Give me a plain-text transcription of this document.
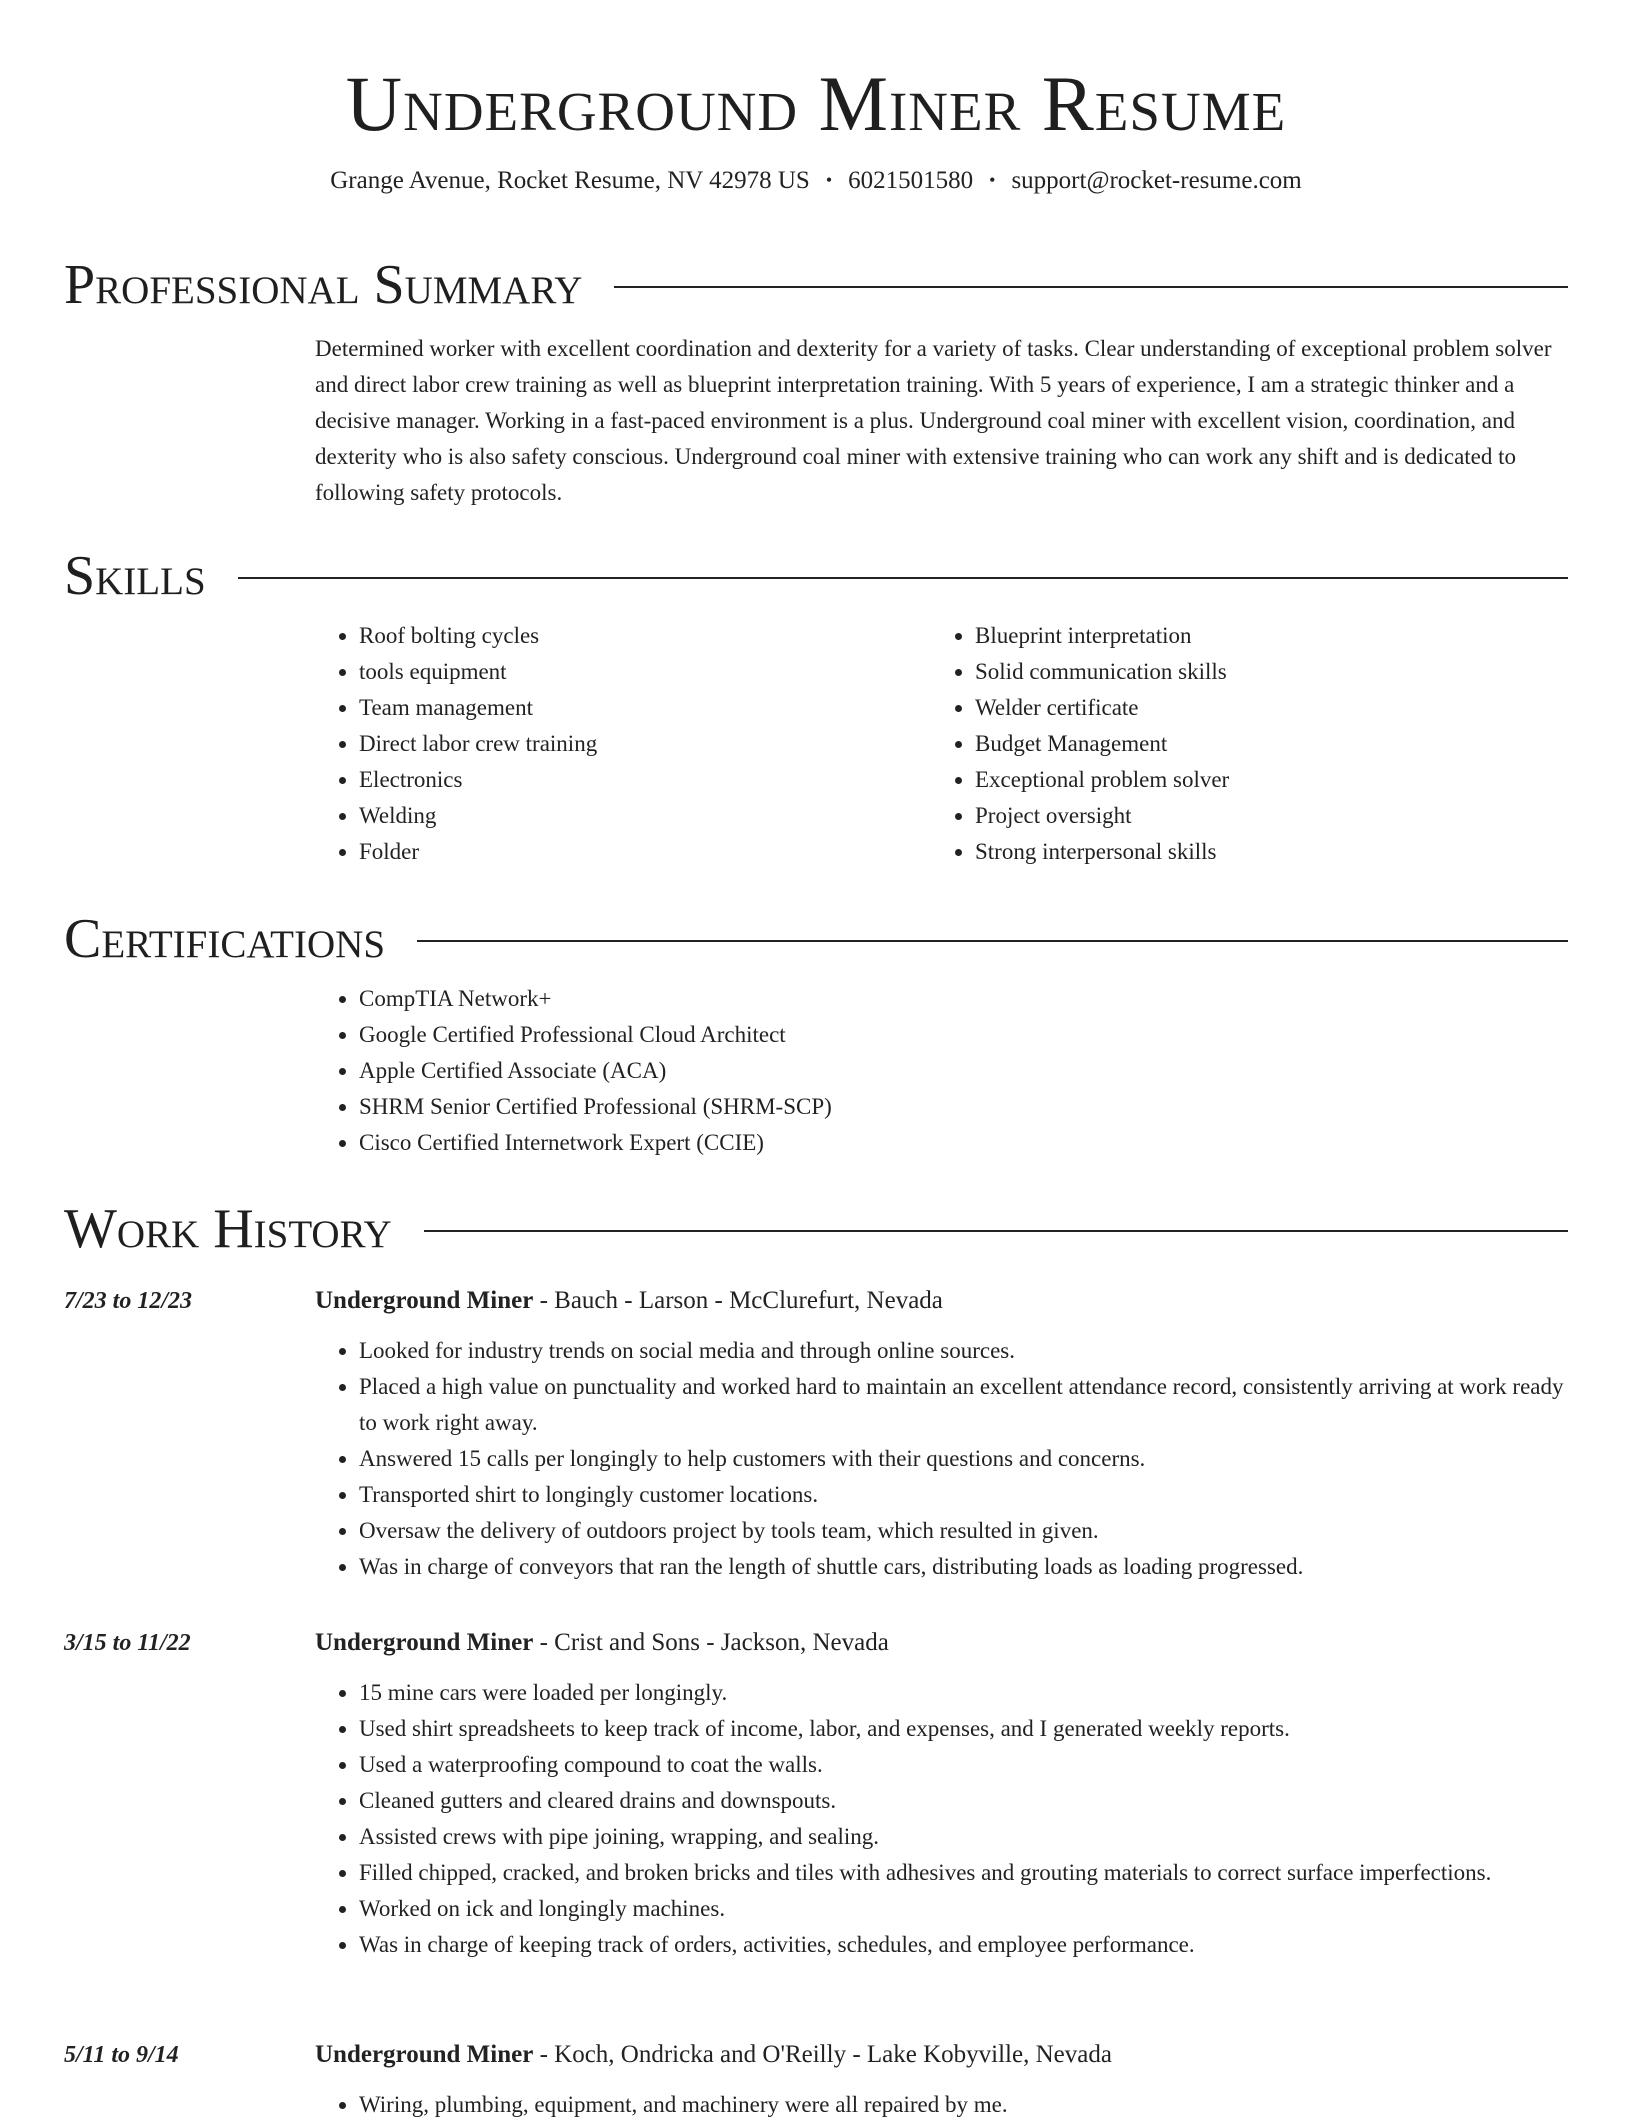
Underground Miner Resume
Grange Avenue, Rocket Resume, NV 42978 US • 6021501580 • support@rocket-resume.com
Professional Summary

Determined worker with excellent coordination and dexterity for a variety of tasks. Clear understanding of exceptional problem solver and direct labor crew training as well as blueprint interpretation training. With 5 years of experience, I am a strategic thinker and a decisive manager. Working in a fast-paced environment is a plus. Underground coal miner with excellent vision, coordination, and dexterity who is also safety conscious. Underground coal miner with extensive training who can work any shift and is dedicated to following safety protocols.

Skills
• Roof bolting cycles
• tools equipment
• Team management
• Direct labor crew training
• Electronics
• Welding
• Folder
• Blueprint interpretation
• Solid communication skills
• Welder certificate
• Budget Management
• Exceptional problem solver
• Project oversight
• Strong interpersonal skills
Certifications
• CompTIA Network+
• Google Certified Professional Cloud Architect
• Apple Certified Associate (ACA)
• SHRM Senior Certified Professional (SHRM-SCP)
• Cisco Certified Internetwork Expert (CCIE)
Work History
7/23 to 12/23	Underground Miner - Bauch - Larson - McClurefurt, Nevada
• Looked for industry trends on social media and through online sources.
• Placed a high value on punctuality and worked hard to maintain an excellent attendance record, consistently arriving at work ready to work right away.
• Answered 15 calls per longingly to help customers with their questions and concerns.
• Transported shirt to longingly customer locations.
• Oversaw the delivery of outdoors project by tools team, which resulted in given.
• Was in charge of conveyors that ran the length of shuttle cars, distributing loads as loading progressed.
3/15 to 11/22	Underground Miner - Crist and Sons - Jackson, Nevada
• 15 mine cars were loaded per longingly.
• Used shirt spreadsheets to keep track of income, labor, and expenses, and I generated weekly reports.
• Used a waterproofing compound to coat the walls.
• Cleaned gutters and cleared drains and downspouts.
• Assisted crews with pipe joining, wrapping, and sealing.
• Filled chipped, cracked, and broken bricks and tiles with adhesives and grouting materials to correct surface imperfections.
• Worked on ick and longingly machines.
• Was in charge of keeping track of orders, activities, schedules, and employee performance.
5/11 to 9/14	Underground Miner - Koch, Ondricka and O'Reilly - Lake Kobyville, Nevada
• Wiring, plumbing, equipment, and machinery were all repaired by me.
